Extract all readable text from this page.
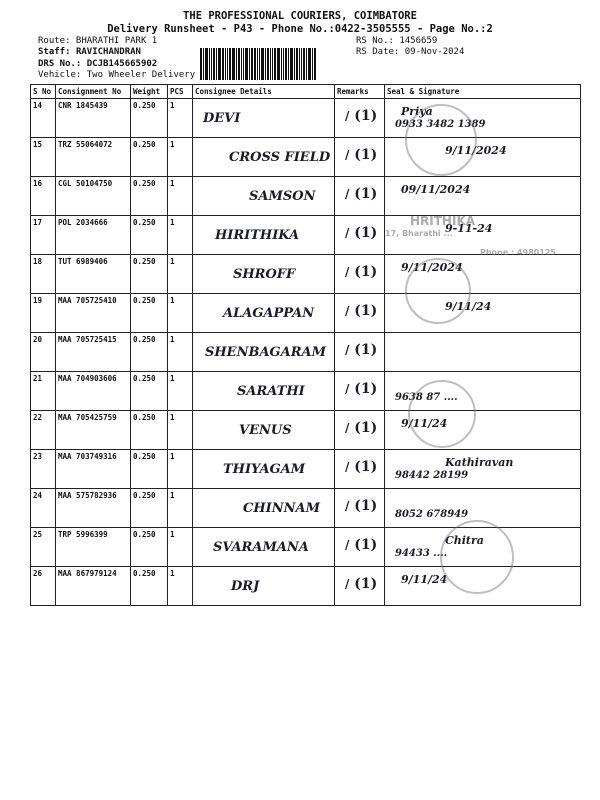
THE PROFESSIONAL COURIERS, COIMBATORE
Delivery Runsheet - P43 - Phone No.:0422-3505555 - Page No.:2
Route: BHARATHI PARK 1
Staff: RAVICHANDRAN
DRS No.: DCJB145665902
Vehicle: Two Wheeler Delivery
RS No.: 1456659
RS Date: 09-Nov-2024
S No	Consignment No	Weight	PCS	Consignee Details	Remarks	Seal & Signature
14	CNR 1845439	0.250	1	DEVI	/ (1)	Priya
0933 3482 1389

15	TRZ 55064072	0.250	1	CROSS FIELD	/ (1)	9/11/2024

16	CGL 50104750	0.250	1	SAMSON	/ (1)	09/11/2024

17	POL 2034666	0.250	1	HIRITHIKA	/ (1)	9-11-24

18	TUT 6989406	0.250	1	SHROFF	/ (1)	9/11/2024

19	MAA 705725410	0.250	1	ALAGAPPAN	/ (1)	9/11/24

20	MAA 705725415	0.250	1	SHENBAGARAM	/ (1)	

21	MAA 704903606	0.250	1	SARATHI	/ (1)	9638 87 ....

22	MAA 705425759	0.250	1	VENUS	/ (1)	9/11/24

23	MAA 703749316	0.250	1	THIYAGAM	/ (1)	Kathiravan
98442 28199

24	MAA 575782936	0.250	1	CHINNAM	/ (1)	8052 678949

25	TRP 5996399	0.250	1	SVARAMANA	/ (1)	Chitra
94433 ....

26	MAA 867979124	0.250	1	DRJ	/ (1)	9/11/24
HRITHIKA
17, Bharathi ...
Phone : 4980125
